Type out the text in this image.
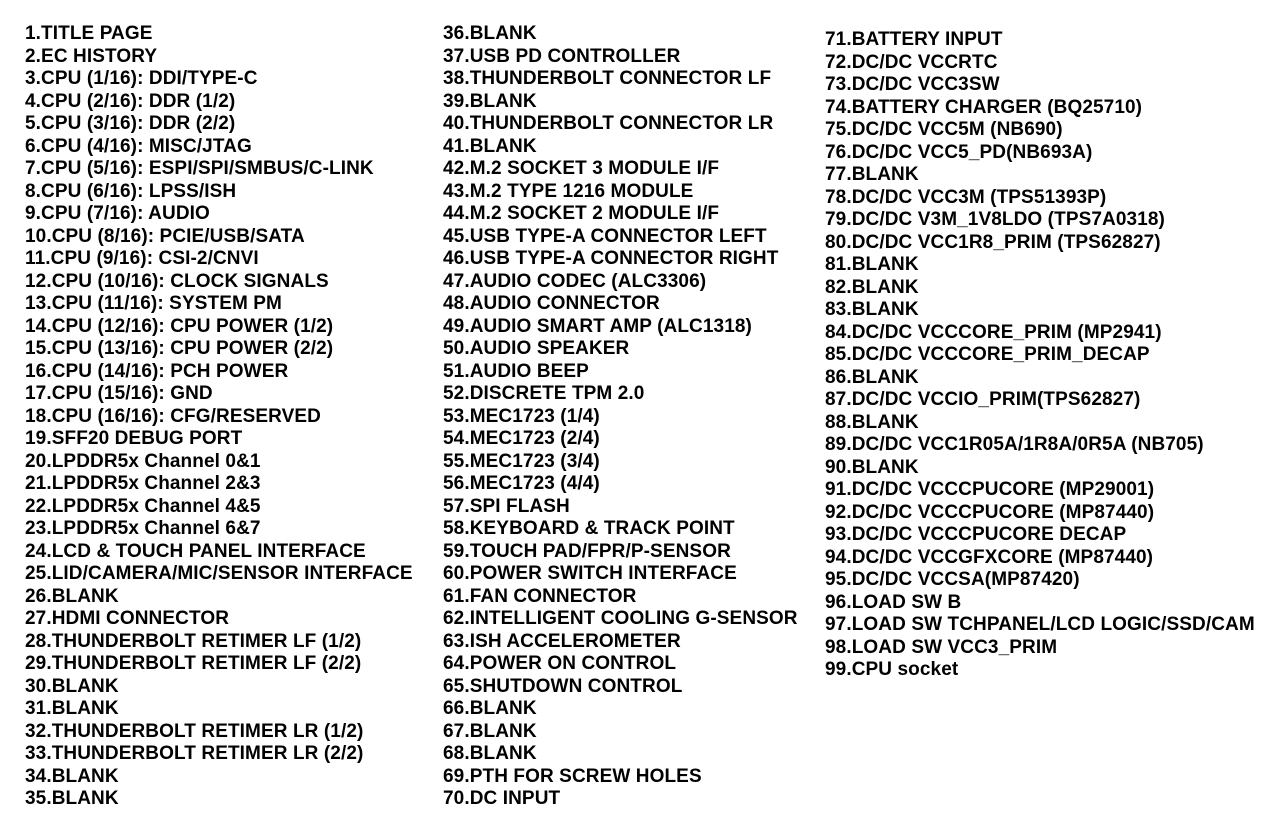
1.TITLE PAGE
2.EC HISTORY
3.CPU (1/16): DDI/TYPE-C
4.CPU (2/16): DDR (1/2)
5.CPU (3/16): DDR (2/2)
6.CPU (4/16): MISC/JTAG
7.CPU (5/16): ESPI/SPI/SMBUS/C-LINK
8.CPU (6/16): LPSS/ISH
9.CPU (7/16): AUDIO
10.CPU (8/16): PCIE/USB/SATA
11.CPU (9/16): CSI-2/CNVI
12.CPU (10/16): CLOCK SIGNALS
13.CPU (11/16): SYSTEM PM
14.CPU (12/16): CPU POWER (1/2)
15.CPU (13/16): CPU POWER (2/2)
16.CPU (14/16): PCH POWER
17.CPU (15/16): GND
18.CPU (16/16): CFG/RESERVED
19.SFF20 DEBUG PORT
20.LPDDR5x Channel 0&1
21.LPDDR5x Channel 2&3
22.LPDDR5x Channel 4&5
23.LPDDR5x Channel 6&7
24.LCD & TOUCH PANEL INTERFACE
25.LID/CAMERA/MIC/SENSOR INTERFACE
26.BLANK
27.HDMI CONNECTOR
28.THUNDERBOLT RETIMER LF (1/2)
29.THUNDERBOLT RETIMER LF (2/2)
30.BLANK
31.BLANK
32.THUNDERBOLT RETIMER LR (1/2)
33.THUNDERBOLT RETIMER LR (2/2)
34.BLANK
35.BLANK
36.BLANK
37.USB PD CONTROLLER
38.THUNDERBOLT CONNECTOR LF
39.BLANK
40.THUNDERBOLT CONNECTOR LR
41.BLANK
42.M.2 SOCKET 3 MODULE I/F
43.M.2 TYPE 1216 MODULE
44.M.2 SOCKET 2 MODULE I/F
45.USB TYPE-A CONNECTOR LEFT
46.USB TYPE-A CONNECTOR RIGHT
47.AUDIO CODEC (ALC3306)
48.AUDIO CONNECTOR
49.AUDIO SMART AMP (ALC1318)
50.AUDIO SPEAKER
51.AUDIO BEEP
52.DISCRETE TPM 2.0
53.MEC1723 (1/4)
54.MEC1723 (2/4)
55.MEC1723 (3/4)
56.MEC1723 (4/4)
57.SPI FLASH
58.KEYBOARD & TRACK POINT
59.TOUCH PAD/FPR/P-SENSOR
60.POWER SWITCH INTERFACE
61.FAN CONNECTOR
62.INTELLIGENT COOLING G-SENSOR
63.ISH ACCELEROMETER
64.POWER ON CONTROL
65.SHUTDOWN CONTROL
66.BLANK
67.BLANK
68.BLANK
69.PTH FOR SCREW HOLES
70.DC INPUT
71.BATTERY INPUT
72.DC/DC VCCRTC
73.DC/DC VCC3SW
74.BATTERY CHARGER (BQ25710)
75.DC/DC VCC5M (NB690)
76.DC/DC VCC5_PD(NB693A)
77.BLANK
78.DC/DC VCC3M (TPS51393P)
79.DC/DC V3M_1V8LDO (TPS7A0318)
80.DC/DC VCC1R8_PRIM (TPS62827)
81.BLANK
82.BLANK
83.BLANK
84.DC/DC VCCCORE_PRIM (MP2941)
85.DC/DC VCCCORE_PRIM_DECAP
86.BLANK
87.DC/DC VCCIO_PRIM(TPS62827)
88.BLANK
89.DC/DC VCC1R05A/1R8A/0R5A (NB705)
90.BLANK
91.DC/DC VCCCPUCORE (MP29001)
92.DC/DC VCCCPUCORE (MP87440)
93.DC/DC VCCCPUCORE DECAP
94.DC/DC VCCGFXCORE (MP87440)
95.DC/DC VCCSA(MP87420)
96.LOAD SW B
97.LOAD SW TCHPANEL/LCD LOGIC/SSD/CAM
98.LOAD SW VCC3_PRIM
99.CPU socket
